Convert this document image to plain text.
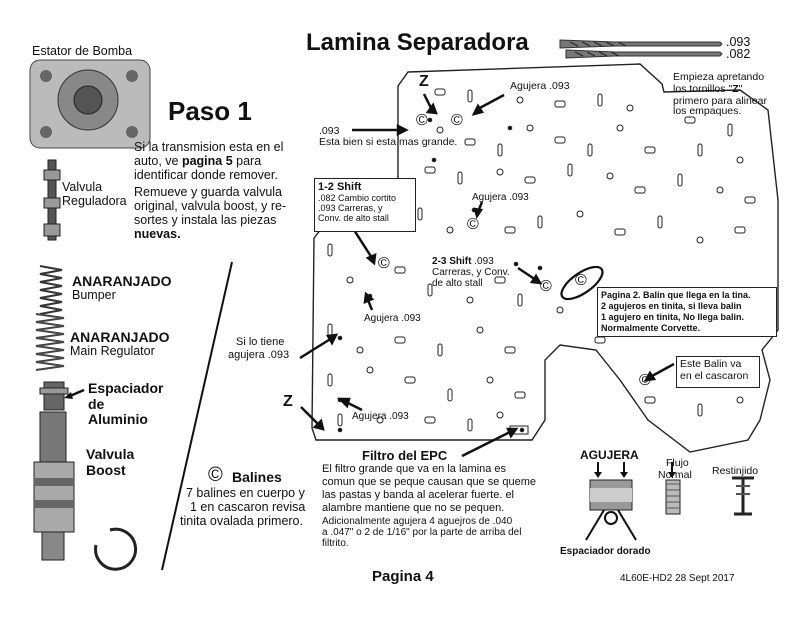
Lamina Separadora	.093
.082
Estator de Bomba
Valvula
Reguladora
ANARANJADO
Bumper
ANARANJADO
Main Regulator
Espaciador
de
Aluminio
Valvula
Boost
Paso 1
Si la transmision esta en el auto, ve pagina 5 para identificar donde remover.
Remueve y guarda valvula original, valvula boost, y re-sortes y instala las piezas nuevas.
© Balines
7 balines en cuerpo y
1 en cascaron revisa
tinita ovalada primero.
Z
Z
Empieza apretando
los tornillos "Z"
primero para alinear
los empaques.
Agujera .093
.093
Esta bien si esta mas grande.
1-2 Shift
.082 Cambio cortito
.093 Carreras, y
Conv. de alto stall
Agujera .093
2-3 Shift .093
Carreras, y Conv.
de alto stall
Pagina 2. Balin que llega en la tina.
2 agujeros en tinita, si lleva balin
1 agujero en tinita, No llega balin.
Normalmente Corvette.
Agujera .093
Si lo tiene
agujera .093
Agujera .093
Este Balin va
en el cascaron
© ©
©
©
© ©
©
Filtro del EPC
El filtro grande que va en la lamina es
comun que se peque causan que se queme
las pastas y banda al acelerar fuerte. el
alambre mantiene que no se pequen.
Adicionalmente agujera 4 aguejros de .040
a .047" o 2 de 1/16" por la parte de arriba del
filtrito.
AGUJERA
Flujo
Normal Restinjido
Espaciador dorado
Pagina 4	4L60E-HD2 28 Sept 2017
